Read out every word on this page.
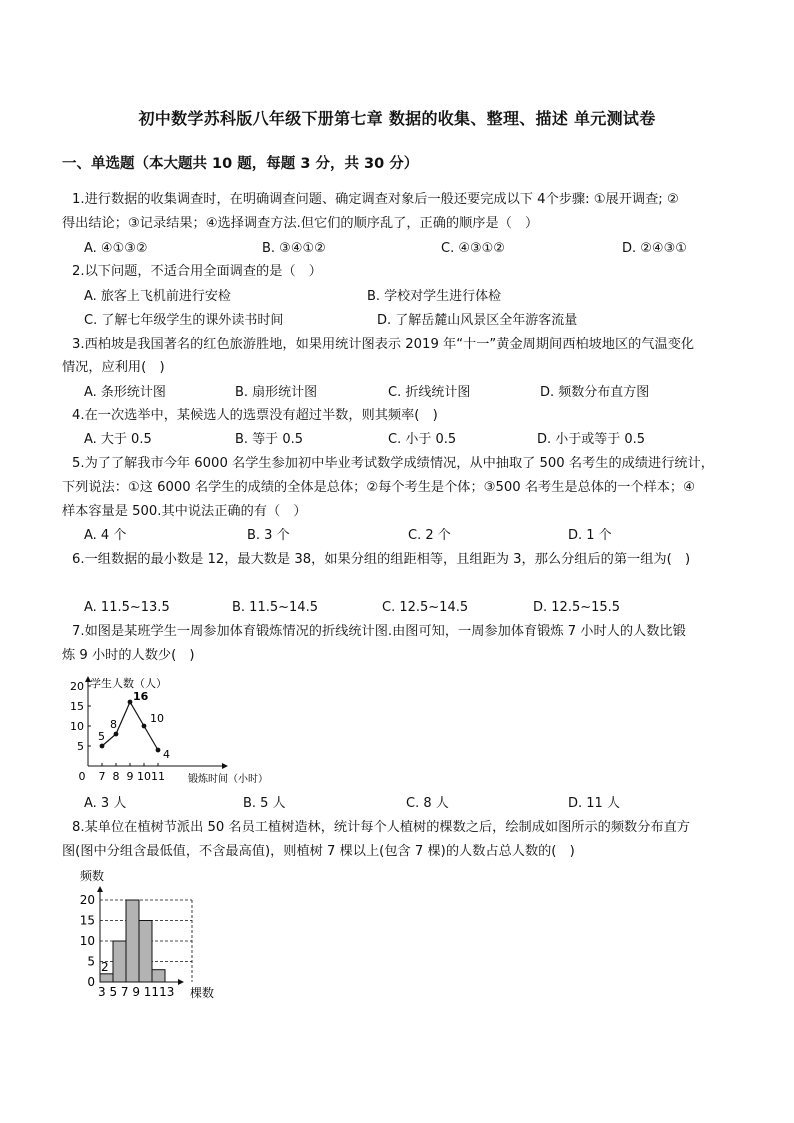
初中数学苏科版八年级下册第七章 数据的收集、整理、描述 单元测试卷
一、单选题（本大题共 10 题，每题 3 分，共 30 分）
1.进行数据的收集调查时，在明确调查问题、确定调查对象后一般还要完成以下 4个步骤: ①展开调查; ②
得出结论；③记录结果；④选择调查方法.但它们的顺序乱了，正确的顺序是（　）
A. ④①③②	B. ③④①②	C. ④③①②	D. ②④③①
2.以下问题，不适合用全面调查的是（　）
A. 旅客上飞机前进行安检	B. 学校对学生进行体检
C. 了解七年级学生的课外读书时间	D. 了解岳麓山风景区全年游客流量
3.西柏坡是我国著名的红色旅游胜地，如果用统计图表示 2019 年“十一”黄金周期间西柏坡地区的气温变化
情况，应利用(　)
A. 条形统计图	B. 扇形统计图	C. 折线统计图	D. 频数分布直方图
4.在一次选举中，某候选人的选票没有超过半数，则其频率(　)
A. 大于 0.5	B. 等于 0.5	C. 小于 0.5	D. 小于或等于 0.5
5.为了了解我市今年 6000 名学生参加初中毕业考试数学成绩情况，从中抽取了 500 名考生的成绩进行统计，
下列说法：①这 6000 名学生的成绩的全体是总体；②每个考生是个体；③500 名考生是总体的一个样本；④
样本容量是 500.其中说法正确的有（　）
A. 4 个	B. 3 个	C. 2 个	D. 1 个
6.一组数据的最小数是 12，最大数是 38，如果分组的组距相等，且组距为 3，那么分组后的第一组为(　)
A. 11.5~13.5	B. 11.5~14.5	C. 12.5~14.5	D. 12.5~15.5
7.如图是某班学生一周参加体育锻炼情况的折线统计图.由图可知，一周参加体育锻炼 7 小时人的人数比锻
炼 9 小时的人数少(　)
5
10
15
20
0 7 8 9 10 11
学生人数（人）
锻炼时间（小时）
5
8
16
10
4
A. 3 人	B. 5 人	C. 8 人	D. 11 人
8.某单位在植树节派出 50 名员工植树造林，统计每个人植树的棵数之后，绘制成如图所示的频数分布直方
图(图中分组含最低值，不含最高值)，则植树 7 棵以上(包含 7 棵)的人数占总人数的(　)
频数
0
5
10
15
20
2
3 5 7 9 1113 棵数
